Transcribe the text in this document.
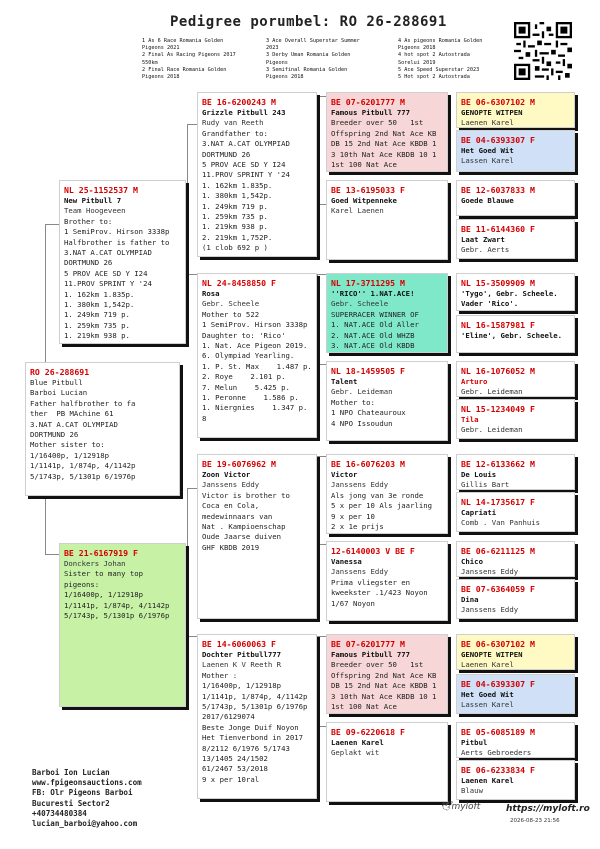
Pedigree porumbel: RO 26-288691
1 As 6 Race Romania Golden
Pigeons 2021
2 Final As Racing Pigeons 2017
550km
2 Final Race Romania Golden
Pigeons 2018
3 Ace Overall Superstar Summer
2023
3 Derby Uman Romania Golden
Pigeons
3 Semifinal Romania Golden
Pigeons 2018
4 As pigeons Romania Golden
Pigeons 2018
4 hot spot 2 Autostrada
Sorelui 2019
5 Ace Speed Superstar 2023
5 Hot spot 2 Autostrada
RO 26-288691
Blue Pitbull
Barboi Lucian
Father halfbrother to fa
ther  PB MAchine 61
3.NAT A.CAT OLYMPIAD
DORTMUND 26
Mother sister to:
1/16400p, 1/12918p
1/1141p, 1/874p, 4/1142p
5/1743p, 5/1301p 6/1976p
NL 25-1152537 M
New Pitbull 7
Team Hoogeveen
Brother to:
1 SemiProv. Hirson 3338p
Halfbrother is father to
3.NAT A.CAT OLYMPIAD
DORTMUND 26
5 PROV ACE SD Y I24
11.PROV SPRINT Y '24
1. 162km 1.835p.
1. 380km 1,542p.
1. 249km 719 p.
1. 259km 735 p.
1. 219km 938 p.
BE 21-6167919 F
Donckers Johan
Sister to many top
pigeons:
1/16400p, 1/12918p
1/1141p, 1/874p, 4/1142p
5/1743p, 5/1301p 6/1976p
BE 16-6200243 M
Grizzle Pitbull 243
Rudy van Reeth
Grandfather to:
3.NAT A.CAT OLYMPIAD
DORTMUND 26
5 PROV ACE SD Y I24
11.PROV SPRINT Y '24
1. 162km 1.835p.
1. 380km 1,542p.
1. 249km 719 p.
1. 259km 735 p.
1. 219km 938 p.
2. 219km 1,752P.
(1 clob 692 p )
NL 24-8458850 F
Rosa
Gebr. Scheele
Mother to 522
1 SemiProv. Hirson 3338p
Daughter to: 'Rico'
1. Nat. Ace Pigeon 2019.
6. Olympiad Yearling.
1. P. St. Max    1.487 p.
2. Roye    2.101 p.
7. Melun    5.425 p.
1. Peronne    1.586 p.
1. Niergnies    1.347 p.
8
BE 19-6076962 M
Zoon Victor
Janssens Eddy
Victor is brother to
Coca en Cola,
medewinnaars van
Nat . Kampioenschap
Oude Jaarse duiven
GHF KBDB 2019
BE 14-6060063 F
Dochter Pitbull777
Laenen K V Reeth R
Mother :
1/16400p, 1/12918p
1/1141p, 1/874p, 4/1142p
5/1743p, 5/1301p 6/1976p
2017/6129074
Beste Jonge Duif Noyon
Het Tienverbond in 2017
8/2112 6/1976 5/1743
13/1405 24/1502
61/2467 53/2018
9 x per 10ral
BE 07-6201777 M
Famous Pitbull 777
Breeder over 50   1st
Offspring 2nd Nat Ace KB
DB 15 2nd Nat Ace KBDB 1
3 10th Nat Ace KBDB 10 1
1st 100 Nat Ace
BE 13-6195033 F
Goed Witpenneke
Karel Laenen
NL 17-3711295 M
''RICO'' 1.NAT.ACE!
Gebr. Scheele
SUPERRACER WINNER OF
1. NAT.ACE Old Aller
2. NAT.ACE Old WHZB
3. NAT.ACE Old KBDB
NL 18-1459505 F
Talent
Gebr. Leideman
Mother to:
1 NPO Chateauroux
4 NPO Issoudun
BE 16-6076203 M
Victor
Janssens Eddy
Als jong van 3e ronde
5 x per 10 Als jaarling
9 x per 10
2 x 1e prijs
12-6140003 V BE F
Vanessa
Janssens Eddy
Prima vliegster en
kweekster .1/423 Noyon
1/67 Noyon
BE 07-6201777 M
Famous Pitbull 777
Breeder over 50   1st
Offspring 2nd Nat Ace KB
DB 15 2nd Nat Ace KBDB 1
3 10th Nat Ace KBDB 10 1
1st 100 Nat Ace
BE 09-6220618 F
Laenen Karel
Geplakt wit
BE 06-6307102 M
GENOPTE WITPEN
Laenen Karel
BE 04-6393307 F
Het Goed Wit
Lassen Karel
BE 12-6037833 M
Goede Blauwe
BE 11-6144360 F
Laat Zwart
Gebr. Aerts
NL 15-3509909 M
'Tygo', Gebr. Scheele. Vader 'Rico'.
NL 16-1587981 F
'Eline', Gebr. Scheele.
NL 16-1076052 M
Arturo
Gebr. Leideman
NL 15-1234049 F
Tila
Gebr. Leideman
BE 12-6133662 M
De Louis
Gillis Bart
NL 14-1735617 F
Capriati
Comb . Van Panhuis
BE 06-6211125 M
Chico
Janssens Eddy
BE 07-6364059 F
Dina
Janssens Eddy
BE 06-6307102 M
GENOPTE WITPEN
Laenen Karel
BE 04-6393307 F
Het Goed Wit
Lassen Karel
BE 05-6085189 M
Pitbul
Aerts Gebroeders
BE 06-6233834 F
Laenen Karel
Blauw
Barboi Ion Lucian
www.fpigeonsauctions.com
FB: Olr Pigeons Barboi
Bucuresti Sector2
+40734480384
lucian_barboi@yahoo.com
🕊myloft	https://myloft.ro
2026-08-23 21:56
